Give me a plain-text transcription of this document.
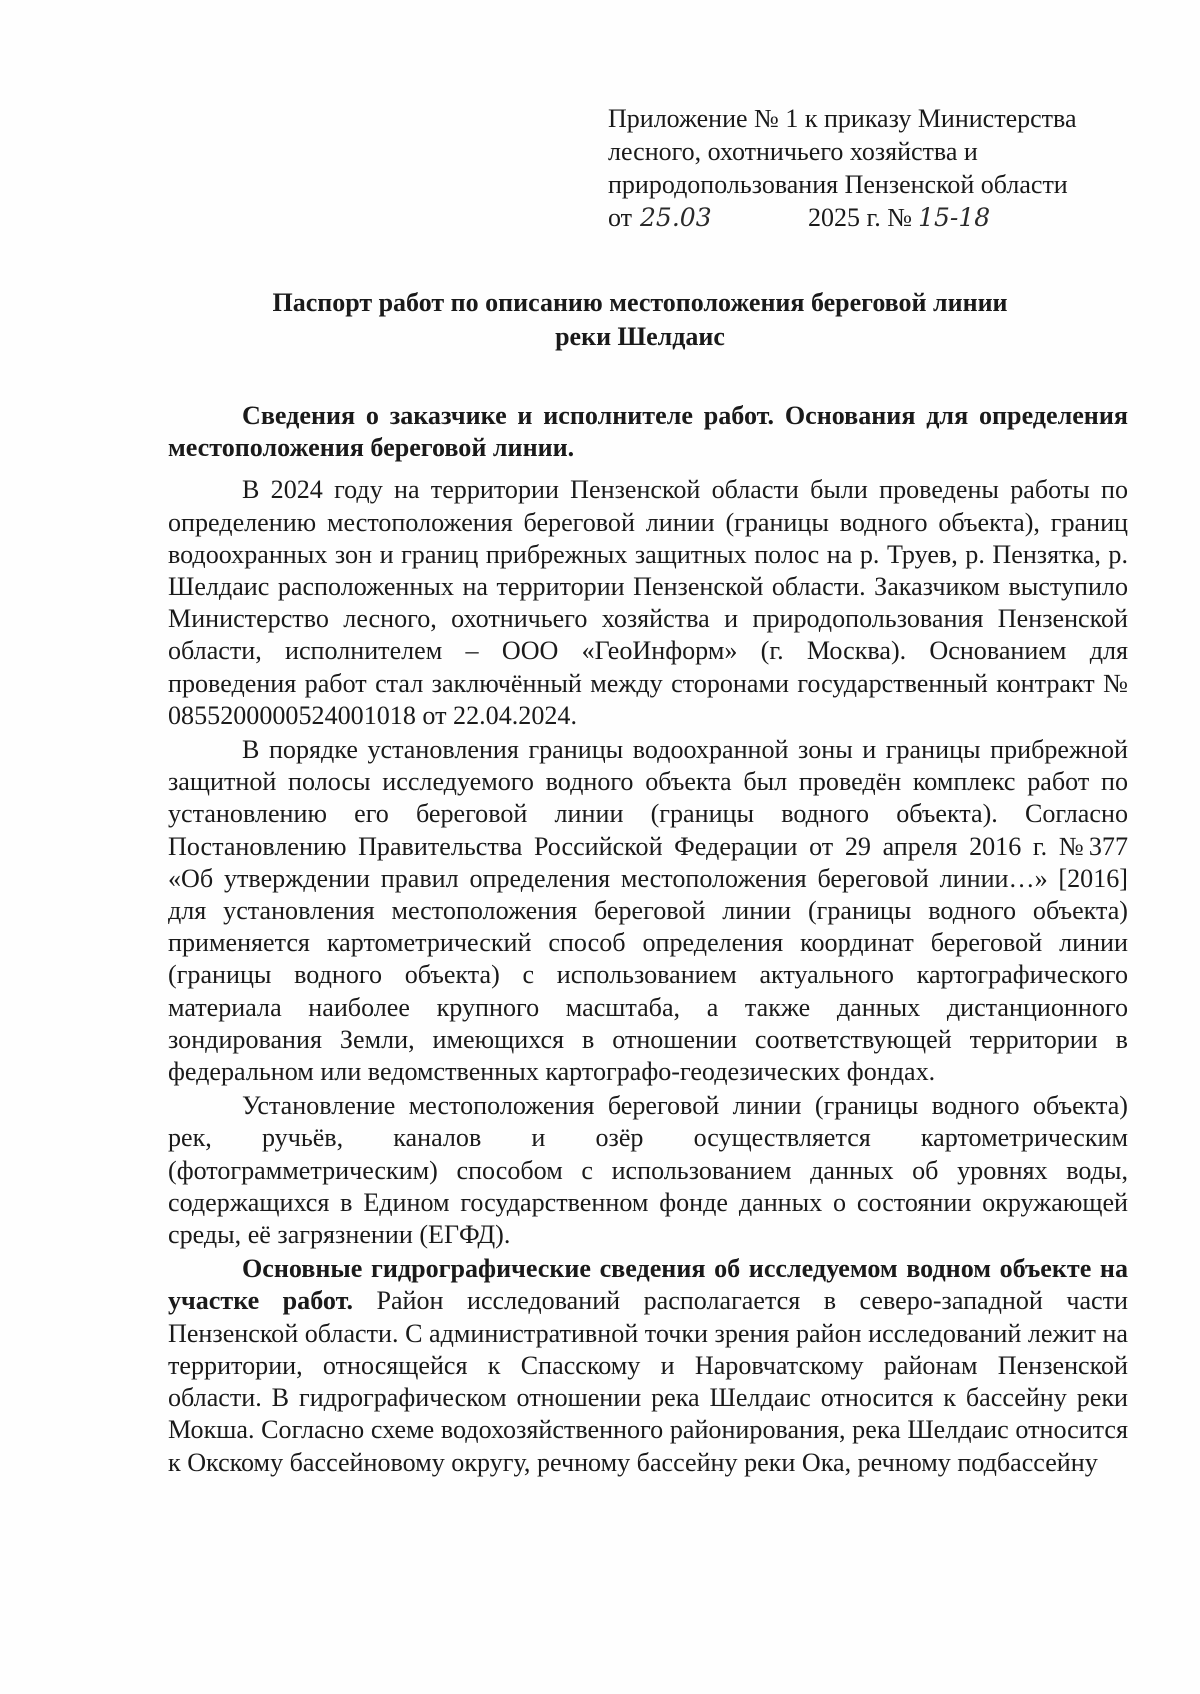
Приложение № 1 к приказу Министерства
лесного, охотничьего хозяйства и
природопользования Пензенской области
от 25.03	2025 г. № 15-18
Паспорт работ по описанию местоположения береговой линии
реки Шелдаис

Сведения о заказчике и исполнителе работ. Основания для определения местоположения береговой линии.

В 2024 году на территории Пензенской области были проведены работы по определению местоположения береговой линии (границы водного объекта), границ водоохранных зон и границ прибрежных защитных полос на р. Труев, р. Пензятка, р. Шелдаис расположенных на территории Пензенской области. Заказчиком выступило Министерство лесного, охотничьего хозяйства и природопользования Пензенской области, исполнителем – ООО «ГеоИнформ» (г. Москва). Основанием для проведения работ стал заключённый между сторонами государственный контракт № 0855200000524001018 от 22.04.2024.

В порядке установления границы водоохранной зоны и границы прибрежной защитной полосы исследуемого водного объекта был проведён комплекс работ по установлению его береговой линии (границы водного объекта). Согласно Постановлению Правительства Российской Федерации от 29 апреля 2016 г. №377 «Об утверждении правил определения местоположения береговой линии…» [2016] для установления местоположения береговой линии (границы водного объекта) применяется картометрический способ определения координат береговой линии (границы водного объекта) с использованием актуального картографического материала наиболее крупного масштаба, а также данных дистанционного зондирования Земли, имеющихся в отношении соответствующей территории в федеральном или ведомственных картографо-геодезических фондах.

Установление местоположения береговой линии (границы водного объекта) рек, ручьёв, каналов и озёр осуществляется картометрическим (фотограмметрическим) способом с использованием данных об уровнях воды, содержащихся в Едином государственном фонде данных о состоянии окружающей среды, её загрязнении (ЕГФД).

Основные гидрографические сведения об исследуемом водном объекте на участке работ. Район исследований располагается в северо-западной части Пензенской области. С административной точки зрения район исследований лежит на территории, относящейся к Спасскому и Наровчатскому районам Пензенской области. В гидрографическом отношении река Шелдаис относится к бассейну реки Мокша. Согласно схеме водохозяйственного районирования, река Шелдаис относится к Окскому бассейновому округу, речному бассейну реки Ока, речному подбассейну
